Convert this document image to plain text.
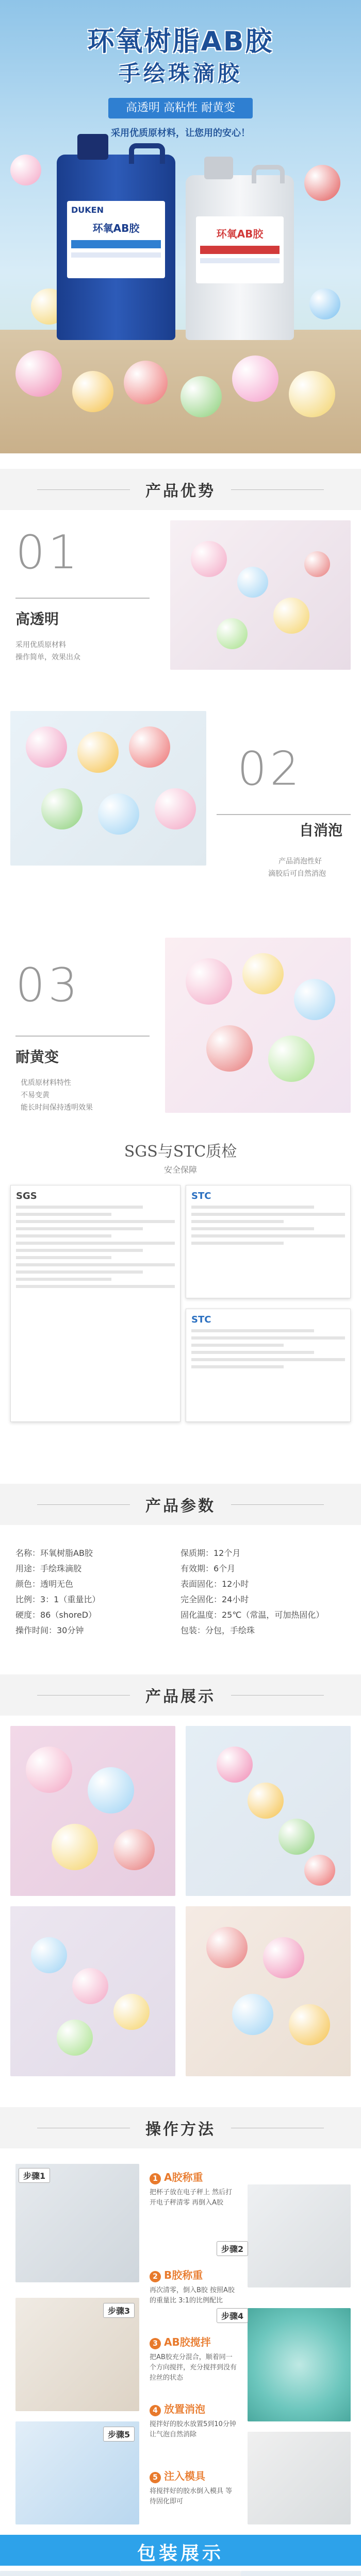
环氧树脂AB胶
手绘珠滴胶
高透明 高粘性 耐黄变
采用优质原材料，让您用的安心！
DUKEN
环氧AB胶	环氧AB胶
产品优势
01
高透明
采用优质原材料
操作简单，效果出众
02
自消泡
产品消泡性好
滴胶后可自然消泡
03
耐黄变
优质原材料特性
不易变黄
能长时间保持透明效果
SGS与STC质检
安全保障
SGS	STC
STC
产品参数
名称：环氧树脂AB胶	保质期：12个月
用途：手绘珠滴胶	有效期：6个月
颜色：透明无色	表面固化：12小时
比例：3：1（重量比）	完全固化：24小时
硬度：86（shoreD）	固化温度：25℃（常温，可加热固化）
操作时间：30分钟	包装：分包，手绘珠
产品展示
操作方法
步骤1	1 A胶称重
把杯子放在电子秤上 然后打开电子秤清零 再倒入A胶
步骤2
2 B胶称重
再次清零，倒入B胶 按照A胶的重量比 3:1的比例配比
步骤3
3 AB胶搅拌
把AB胶充分混合，顺着同一个方向搅拌，充分搅拌到没有拉丝的状态
步骤4
4 放置消泡
搅拌好的胶水放置5到10分钟 让气泡自然消除
步骤5
5 注入模具
将搅拌好的胶水倒入模具 等待固化即可
包装展示
